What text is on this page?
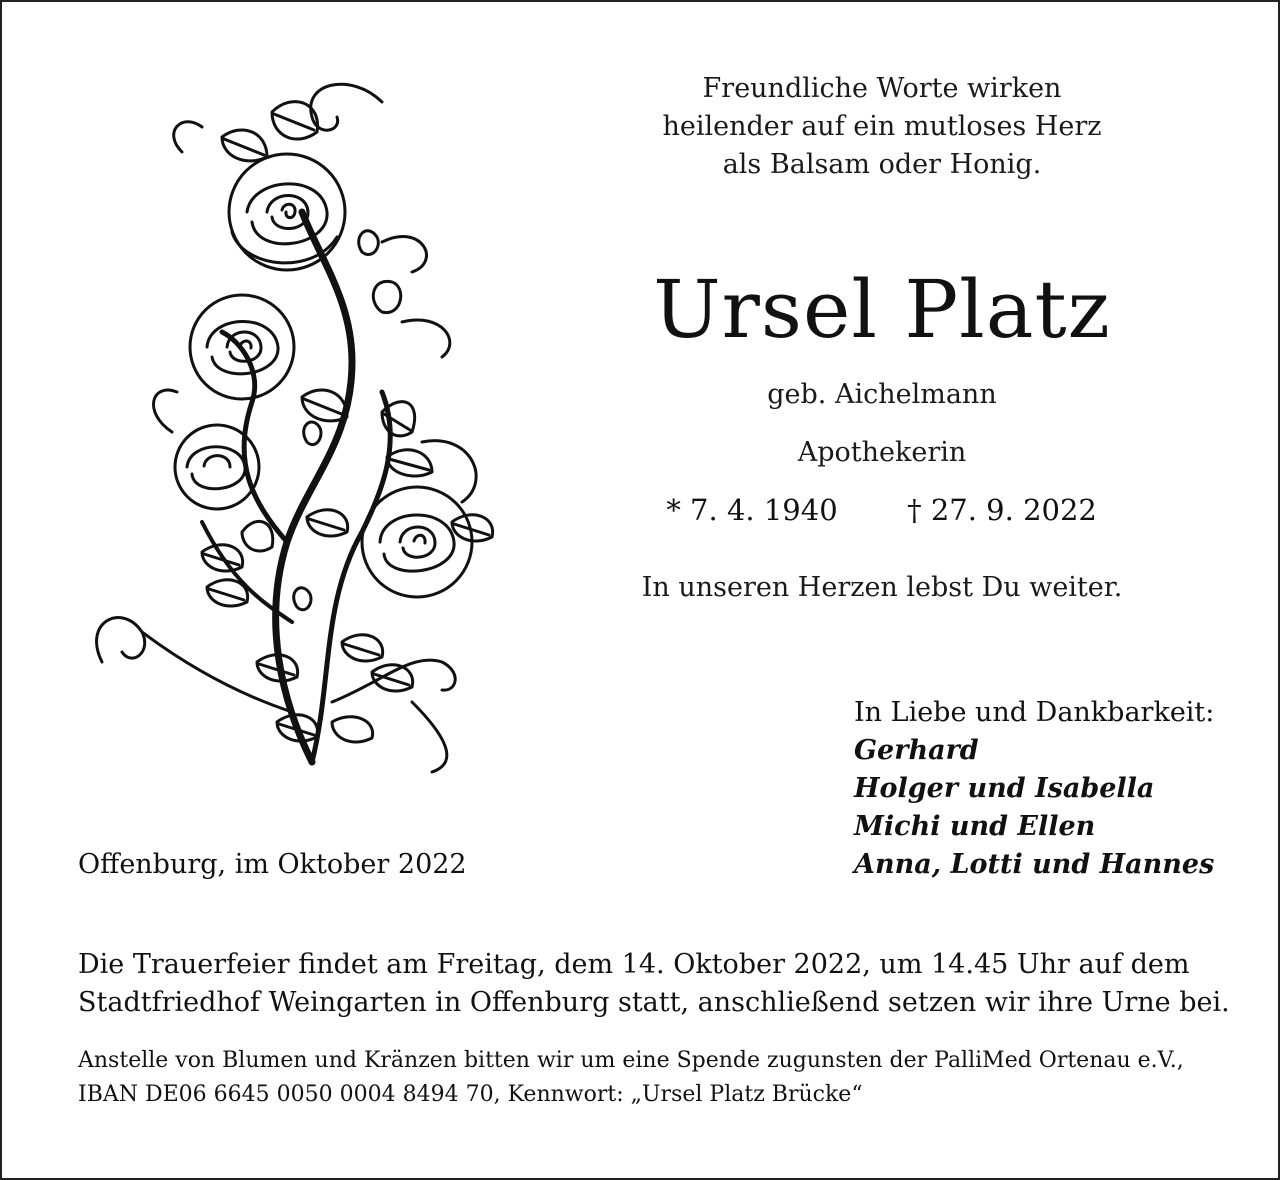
Freundliche Worte wirken
heilender auf ein mutloses Herz
als Balsam oder Honig.
Ursel Platz
geb. Aichelmann
Apothekerin
* 7. 4. 1940	† 27. 9. 2022
In unseren Herzen lebst Du weiter.
In Liebe und Dankbarkeit:
Gerhard
Holger und Isabella
Michi und Ellen
Anna, Lotti und Hannes
Offenburg, im Oktober 2022
Die Trauerfeier findet am Freitag, dem 14. Oktober 2022, um 14.45 Uhr auf dem
Stadtfriedhof Weingarten in Offenburg statt, anschließend setzen wir ihre Urne bei.
Anstelle von Blumen und Kränzen bitten wir um eine Spende zugunsten der PalliMed Ortenau e.V.,
IBAN DE06 6645 0050 0004 8494 70, Kennwort: „Ursel Platz Brücke“
